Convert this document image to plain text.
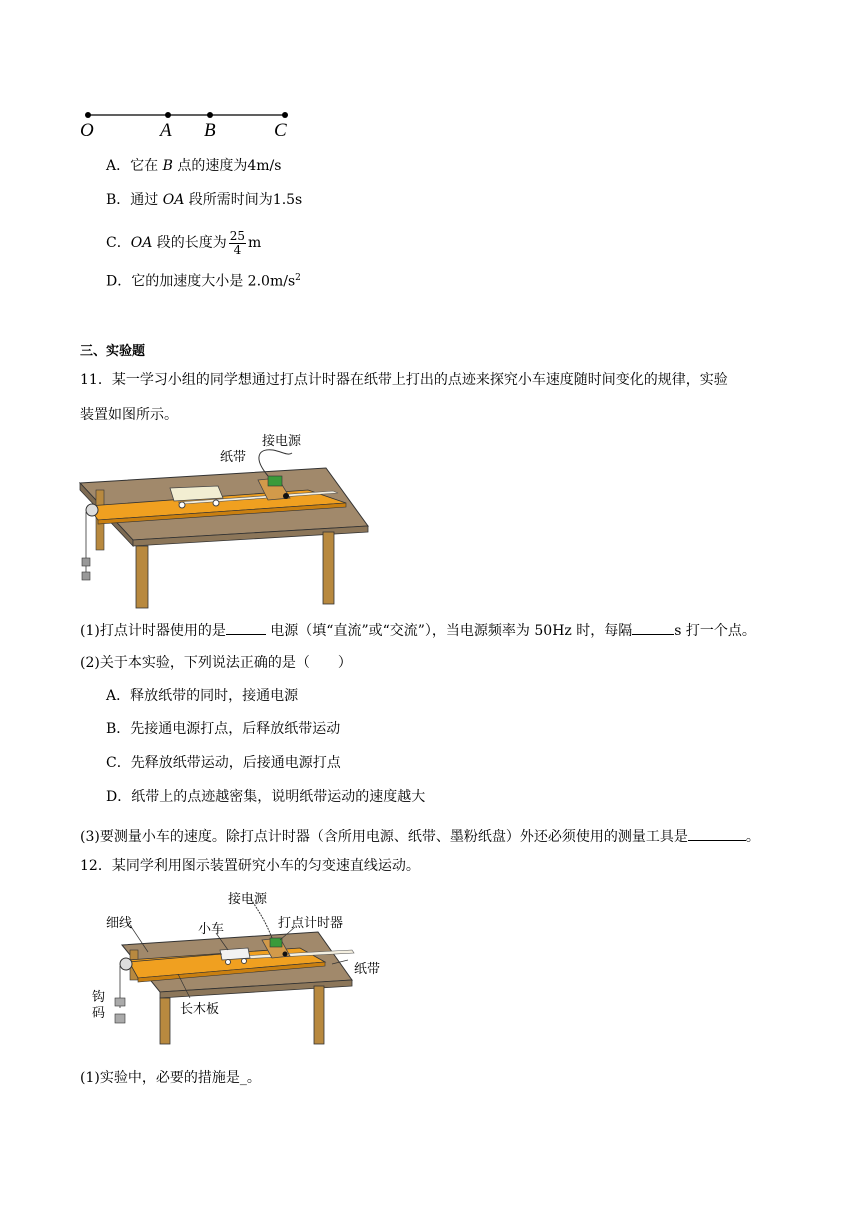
O	A B	C
A．它在 B 点的速度为4m/s
B．通过 OA 段所需时间为1.5s
C．OA 段的长度为 $\frac{25}{4}$ m
D．它的加速度大小是 $2.0m/s^2$
三、实验题
11．某一学习小组的同学想通过打点计时器在纸带上打出的点迹来探究小车速度随时间变化的规律，实验
装置如图所示。
接电源
纸带
(1)打点计时器使用的是	电源（填“直流”或“交流”），当电源频率为 50Hz 时，每隔	s 打一个点。
(2)关于本实验，下列说法正确的是（　　）
A．释放纸带的同时，接通电源
B．先接通电源打点，后释放纸带运动
C．先释放纸带运动，后接通电源打点
D．纸带上的点迹越密集，说明纸带运动的速度越大
(3)要测量小车的速度。除打点计时器（含所用电源、纸带、墨粉纸盘）外还必须使用的测量工具是	。
12．某同学利用图示装置研究小车的匀变速直线运动。
接电源
打点计时器
细线	小车
纸带
钩
码	长木板
(1)实验中，必要的措施是_。
